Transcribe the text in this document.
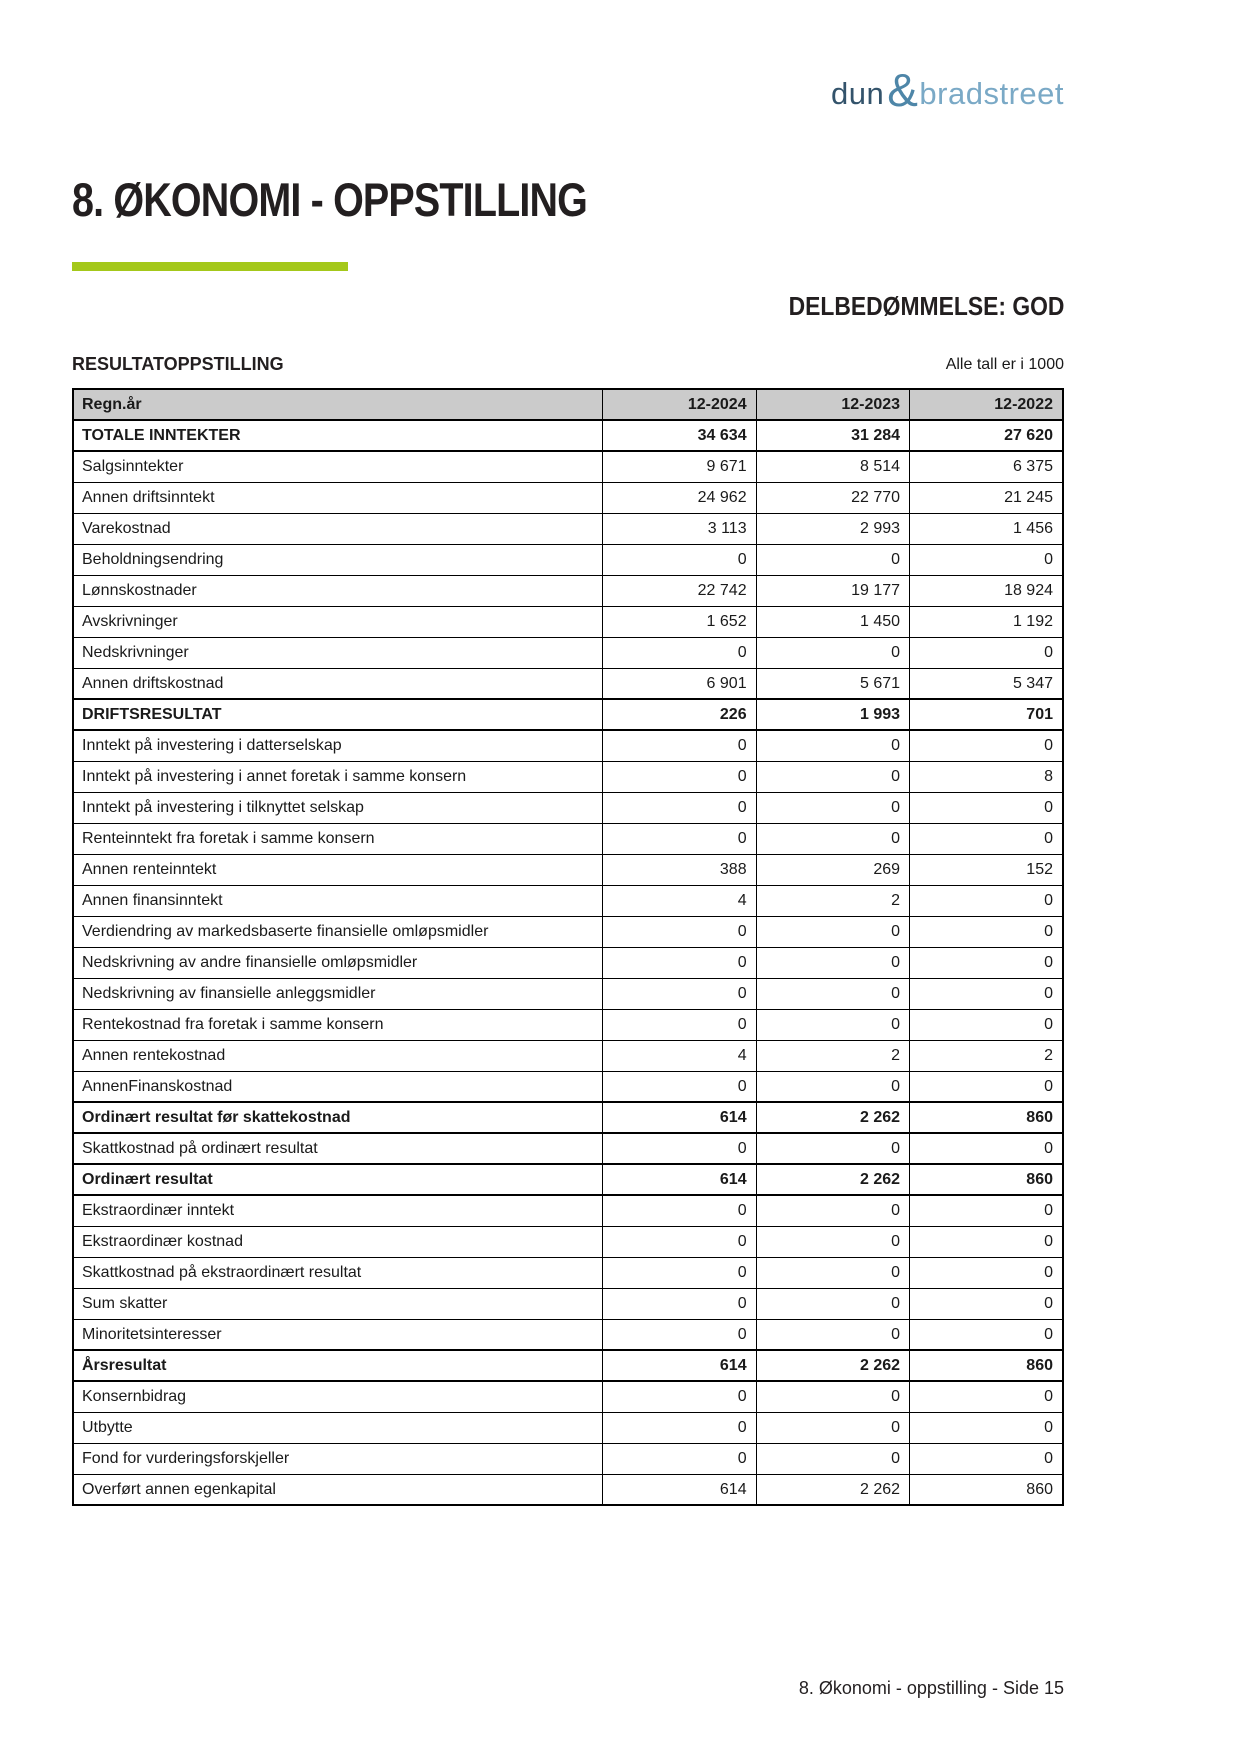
dun & bradstreet
8. ØKONOMI - OPPSTILLING
DELBEDØMMELSE: GOD
RESULTATOPPSTILLING	Alle tall er i 1000
Regn.år	12-2024	12-2023	12-2022
TOTALE INNTEKTER	34 634	31 284	27 620
Salgsinntekter	9 671	8 514	6 375
Annen driftsinntekt	24 962	22 770	21 245
Varekostnad	3 113	2 993	1 456
Beholdningsendring	0	0	0
Lønnskostnader	22 742	19 177	18 924
Avskrivninger	1 652	1 450	1 192
Nedskrivninger	0	0	0
Annen driftskostnad	6 901	5 671	5 347
DRIFTSRESULTAT	226	1 993	701
Inntekt på investering i datterselskap	0	0	0
Inntekt på investering i annet foretak i samme konsern	0	0	8
Inntekt på investering i tilknyttet selskap	0	0	0
Renteinntekt fra foretak i samme konsern	0	0	0
Annen renteinntekt	388	269	152
Annen finansinntekt	4	2	0
Verdiendring av markedsbaserte finansielle omløpsmidler	0	0	0
Nedskrivning av andre finansielle omløpsmidler	0	0	0
Nedskrivning av finansielle anleggsmidler	0	0	0
Rentekostnad fra foretak i samme konsern	0	0	0
Annen rentekostnad	4	2	2
AnnenFinanskostnad	0	0	0
Ordinært resultat før skattekostnad	614	2 262	860
Skattkostnad på ordinært resultat	0	0	0
Ordinært resultat	614	2 262	860
Ekstraordinær inntekt	0	0	0
Ekstraordinær kostnad	0	0	0
Skattkostnad på ekstraordinært resultat	0	0	0
Sum skatter	0	0	0
Minoritetsinteresser	0	0	0
Årsresultat	614	2 262	860
Konsernbidrag	0	0	0
Utbytte	0	0	0
Fond for vurderingsforskjeller	0	0	0
Overført annen egenkapital	614	2 262	860
8. Økonomi - oppstilling - Side 15
